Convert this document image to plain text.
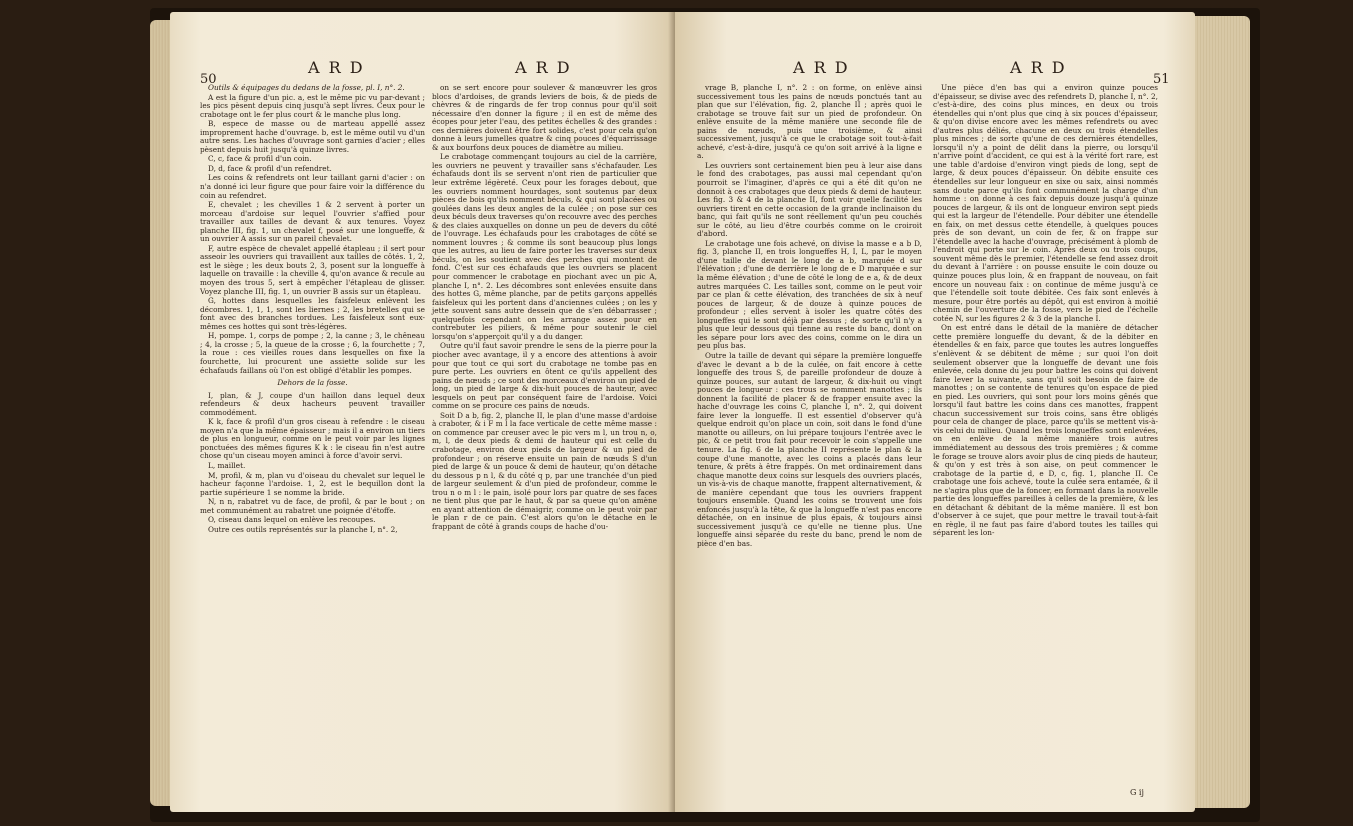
50
A R D	A R D

Outils & équipages du dedans de la fosse, pl. I, n°. 2.

A est la figure d'un pic. a, est le même pic vu par-devant ; les pics pèsent depuis cinq jusqu'à sept livres. Ceux pour le crabotage ont le fer plus court & le manche plus long.

B, espece de masse ou de marteau appellé assez improprement hache d'ouvrage. b, est le même outil vu d'un autre sens. Les haches d'ouvrage sont garnies d'acier ; elles pèsent depuis huit jusqu'à quinze livres.

C, c, face & profil d'un coin.

D, d, face & profil d'un refendret.

Les coins & refendrets ont leur taillant garni d'acier : on n'a donné ici leur figure que pour faire voir la différence du coin au refendret.

E, chevalet ; les chevilles 1 & 2 servent à porter un morceau d'ardoise sur lequel l'ouvrier s'affied pour travailler aux tailles de devant & aux tenures. Voyez planche III, fig. 1, un chevalet f, posé sur une longueffe, & un ouvrier A assis sur un pareil chevalet.

F, autre espèce de chevalet appellé étapleau ; il sert pour asseoir les ouvriers qui travaillent aux tailles de côtés. 1, 2, est le siège ; les deux bouts 2, 3, posent sur la longueffe à laquelle on travaille : la cheville 4, qu'on avance & recule au moyen des trous 5, sert à empêcher l'étapleau de glisser. Voyez planche III, fig. 1, un ouvrier B assis sur un étapleau.

G, hottes dans lesquelles les faisfeleux enlèvent les décombres. 1, 1, 1, sont les liernes ; 2, les bretelles qui se font avec des branches tordues. Les faisfeleux sont eux-mêmes ces hottes qui sont très-légères.

H, pompe. 1, corps de pompe ; 2, la canne ; 3, le chêneau ; 4, la crosse ; 5, la queue de la crosse ; 6, la fourchette ; 7, la roue : ces vieilles roues dans lesquelles on fixe la fourchette, lui procurent une assiette solide sur les échafauds faillans où l'on est obligé d'établir les pompes.

Dehors de la fosse.

I, plan, & J, coupe d'un haillon dans lequel deux refendeurs & deux hacheurs peuvent travailler commodément.

K k, face & profil d'un gros ciseau à refendre : le ciseau moyen n'a que la même épaisseur ; mais il a environ un tiers de plus en longueur, comme on le peut voir par les lignes ponctuées des mêmes figures K k : le ciseau fin n'est autre chose qu'un ciseau moyen aminci à force d'avoir servi.

L, maillet.

M, profil, & m, plan vu d'oiseau du chevalet sur lequel le hacheur façonne l'ardoise. 1, 2, est le bequillon dont la partie supérieure 1 se nomme la bride.

N, n n, rabatret vu de face, de profil, & par le bout ; on met communément au rabatret une poignée d'étoffe.

O, ciseau dans lequel on enlève les recoupes.

Outre ces outils représentés sur la planche I, n°. 2,

on se sert encore pour soulever & manœuvrer les gros blocs d'ardoises, de grands leviers de bois, & de pieds de chèvres & de ringards de fer trop connus pour qu'il soit nécessaire d'en donner la figure ; il en est de même des écopes pour jeter l'eau, des petites échelles & des grandes : ces dernières doivent être fort solides, c'est pour cela qu'on donne à leurs jumelles quatre & cinq pouces d'équarrissage & aux bourfons deux pouces de diamètre au milieu.

Le crabotage commençant toujours au ciel de la carrière, les ouvriers ne peuvent y travailler sans s'échafauder. Les échafauds dont ils se servent n'ont rien de particulier que leur extrême légèreté. Ceux pour les forages debout, que les ouvriers nomment hourdages, sont soutenus par deux pièces de bois qu'ils nomment béculs, & qui sont placées ou goulées dans les deux angles de la culée ; on pose sur ces deux béculs deux traverses qu'on recouvre avec des perches & des claies auxquelles on donne un peu de devers du côté de l'ouvrage. Les échafauds pour les crabotages de côté se nomment louvres ; & comme ils sont beaucoup plus longs que les autres, au lieu de faire porter les traverses sur deux béculs, on les soutient avec des perches qui montent de fond. C'est sur ces échafauds que les ouvriers se placent pour commencer le crabotage en piochant avec un pic A, planche I, n°. 2. Les décombres sont enlevées ensuite dans des hottes G, même planche, par de petits garçons appellés faisfeleux qui les portent dans d'anciennes culées ; on les y jette souvent sans autre dessein que de s'en débarrasser ; quelquefois cependant on les arrange assez pour en contrebuter les piliers, & même pour soutenir le ciel lorsqu'on s'apperçoit qu'il y a du danger.

Outre qu'il faut savoir prendre le sens de la pierre pour la piocher avec avantage, il y a encore des attentions à avoir pour que tout ce qui sort du crabotage ne tombe pas en pure perte. Les ouvriers en ôtent ce qu'ils appellent des pains de nœuds ; ce sont des morceaux d'environ un pied de long, un pied de large & dix-huit pouces de hauteur, avec lesquels on peut par conséquent faire de l'ardoise. Voici comme on se procure ces pains de nœuds.

Soit D a b, fig. 2, planche II, le plan d'une masse d'ardoise à craboter, & i F m l la face verticale de cette même masse : on commence par creuser avec le pic vers m l, un trou n, o, m, l, de deux pieds & demi de hauteur qui est celle du crabotage, environ deux pieds de largeur & un pied de profondeur ; on réserve ensuite un pain de nœuds S d'un pied de large & un pouce & demi de hauteur, qu'on détache du dessous p n l, & du côté q p, par une tranchée d'un pied de largeur seulement & d'un pied de profondeur, comme le trou n o m l : le pain, isolé pour lors par quatre de ses faces ne tient plus que par le haut, & par sa queue qu'on amène en ayant attention de démaigrir, comme on le peut voir par le plan r de ce pain. C'est alors qu'on le détache en le frappant de côté à grands coups de hache d'ou-

A R D	A R D
51

vrage B, planche I, n°. 2 : on forme, on enlève ainsi successivement tous les pains de nœuds ponctués tant au plan que sur l'élévation, fig. 2, planche II ; après quoi le crabotage se trouve fait sur un pied de profondeur. On enlève ensuite de la même manière une seconde file de pains de nœuds, puis une troisième, & ainsi successivement, jusqu'à ce que le crabotage soit tout-à-fait achevé, c'est-à-dire, jusqu'à ce qu'on soit arrivé à la ligne e a.

Les ouvriers sont certainement bien peu à leur aise dans le fond des crabotages, pas aussi mal cependant qu'on pourroit se l'imaginer, d'après ce qui a été dit qu'on ne donnoit à ces crabotages que deux pieds & demi de hauteur. Les fig. 3 & 4 de la planche II, font voir quelle facilité les ouvriers tirent en cette occasion de la grande inclinaison du banc, qui fait qu'ils ne sont réellement qu'un peu couchés sur le côté, au lieu d'être courbés comme on le croiroit d'abord.

Le crabotage une fois achevé, on divise la masse e a b D, fig. 3, planche II, en trois longueffes H, I, L, par le moyen d'une taille de devant le long de a b, marquée d sur l'élévation ; d'une de derrière le long de e D marquée e sur la même élévation ; d'une de côté le long de e a, & de deux autres marquées C. Les tailles sont, comme on le peut voir par ce plan & cette élévation, des tranchées de six à neuf pouces de largeur, & de douze à quinze pouces de profondeur ; elles servent à isoler les quatre côtés des longueffes qui le sont déjà par dessus ; de sorte qu'il n'y a plus que leur dessous qui tienne au reste du banc, dont on les sépare pour lors avec des coins, comme on le dira un peu plus bas.

Outre la taille de devant qui sépare la première longueffe d'avec le devant a b de la culée, on fait encore à cette longueffe des trous S, de pareille profondeur de douze à quinze pouces, sur autant de largeur, & dix-huit ou vingt pouces de longueur : ces trous se nomment manottes ; ils donnent la facilité de placer & de frapper ensuite avec la hache d'ouvrage les coins C, planche I, n°. 2, qui doivent faire lever la longueffe. Il est essentiel d'observer qu'à quelque endroit qu'on place un coin, soit dans le fond d'une manotte ou ailleurs, on lui prépare toujours l'entrée avec le pic, & ce petit trou fait pour recevoir le coin s'appelle une tenure. La fig. 6 de la planche II représente le plan & la coupe d'une manotte, avec les coins a placés dans leur tenure, & prêts à être frappés. On met ordinairement dans chaque manotte deux coins sur lesquels des ouvriers placés, un vis-à-vis de chaque manotte, frappent alternativement, & de manière cependant que tous les ouvriers frappent toujours ensemble. Quand les coins se trouvent une fois enfoncés jusqu'à la tête, & que la longueffe n'est pas encore détachée, on en insinue de plus épais, & toujours ainsi successivement jusqu'à ce qu'elle ne tienne plus. Une longueffe ainsi séparée du reste du banc, prend le nom de pièce d'en bas.

Une pièce d'en bas qui a environ quinze pouces d'épaisseur, se divise avec des refendrets D, planche I, n°. 2, c'est-à-dire, des coins plus minces, en deux ou trois étendelles qui n'ont plus que cinq à six pouces d'épaisseur, & qu'on divise encore avec les mêmes refendrets ou avec d'autres plus déliés, chacune en deux ou trois étendelles plus minces ; de sorte qu'une de ces dernières étendelles, lorsqu'il n'y a point de délit dans la pierre, ou lorsqu'il n'arrive point d'accident, ce qui est à la vérité fort rare, est une table d'ardoise d'environ vingt pieds de long, sept de large, & deux pouces d'épaisseur. On débite ensuite ces étendelles sur leur longueur en sixe ou saix, ainsi nommés sans doute parce qu'ils font communément la charge d'un homme : on donne à ces faix depuis douze jusqu'à quinze pouces de largeur, & ils ont de longueur environ sept pieds qui est la largeur de l'étendelle. Pour débiter une étendelle en faix, on met dessus cette étendelle, à quelques pouces près de son devant, un coin de fer, & on frappe sur l'étendelle avec la hache d'ouvrage, précisément à plomb de l'endroit qui porte sur le coin. Après deux ou trois coups, souvent même dès le premier, l'étendelle se fend assez droit du devant à l'arrière : on pousse ensuite le coin douze ou quinze pouces plus loin, & en frappant de nouveau, on fait encore un nouveau faix : on continue de même jusqu'à ce que l'étendelle soit toute débitée. Ces faix sont enlevés à mesure, pour être portés au dépôt, qui est environ à moitié chemin de l'ouverture de la fosse, vers le pied de l'échelle cotée N, sur les figures 2 & 3 de la planche I.

On est entré dans le détail de la manière de détacher cette première longueffe du devant, & de la débiter en étendelles & en faix, parce que toutes les autres longueffes s'enlèvent & se débitent de même ; sur quoi l'on doit seulement observer que la longueffe de devant une fois enlevée, cela donne du jeu pour battre les coins qui doivent faire lever la suivante, sans qu'il soit besoin de faire de manottes ; on se contente de tenures qu'on espace de pied en pied. Les ouvriers, qui sont pour lors moins gênés que lorsqu'il faut battre les coins dans ces manottes, frappent chacun successivement sur trois coins, sans être obligés pour cela de changer de place, parce qu'ils se mettent vis-à-vis celui du milieu. Quand les trois longueffes sont enlevées, on en enlève de la même manière trois autres immédiatement au dessous des trois premières ; & comme le forage se trouve alors avoir plus de cinq pieds de hauteur, & qu'on y est très à son aise, on peut commencer le crabotage de la partie d, e D, c, fig. 1, planche II. Ce crabotage une fois achevé, toute la culée sera entamée, & il ne s'agira plus que de la foncer, en formant dans la nouvelle partie des longueffes pareilles à celles de la première, & les en détachant & débitant de la même manière. Il est bon d'observer à ce sujet, que pour mettre le travail tout-à-fait en règle, il ne faut pas faire d'abord toutes les tailles qui séparent les lon-

G ij
